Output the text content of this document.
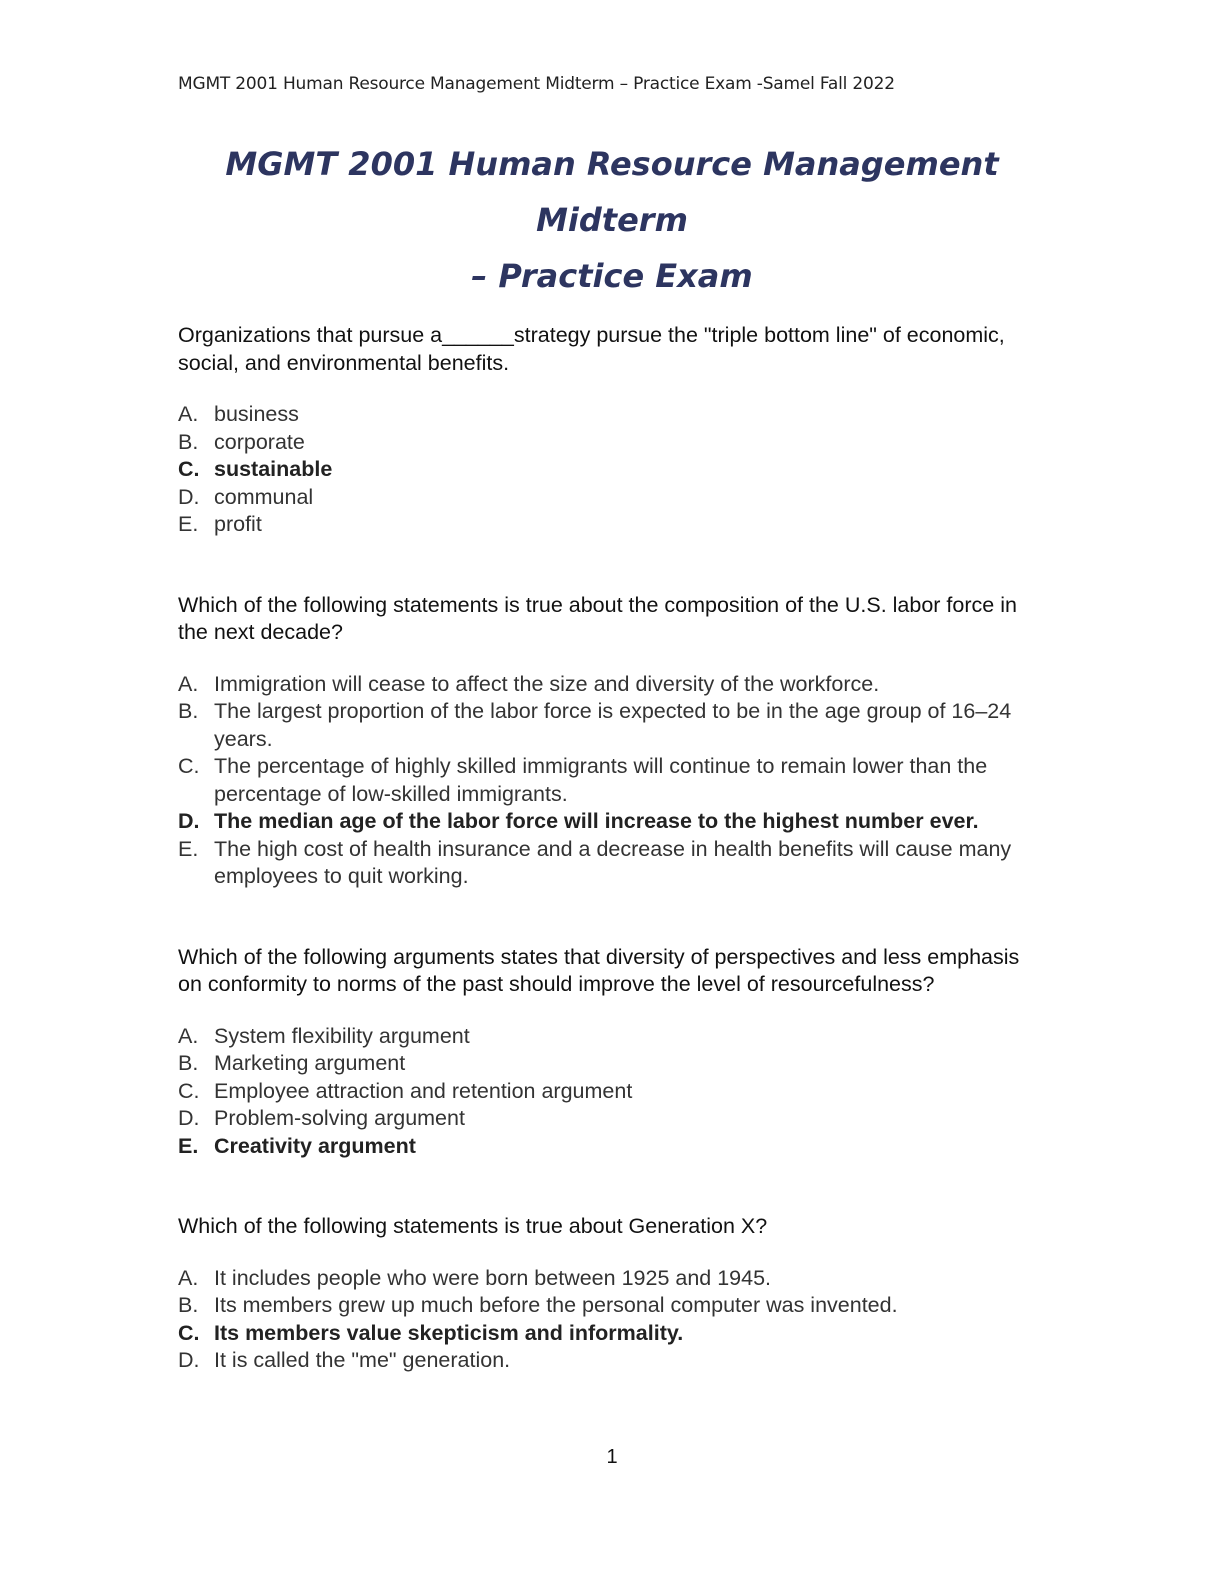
MGMT 2001 Human Resource Management Midterm – Practice Exam -Samel Fall 2022
MGMT 2001 Human Resource Management Midterm
– Practice Exam

Organizations that pursue a______strategy pursue the "triple bottom line" of economic, social, and environmental benefits.

A. business
B. corporate
C. sustainable
D. communal
E. profit

Which of the following statements is true about the composition of the U.S. labor force in the next decade?

A. Immigration will cease to affect the size and diversity of the workforce.
B. The largest proportion of the labor force is expected to be in the age group of 16–24 years.
C. The percentage of highly skilled immigrants will continue to remain lower than the percentage of low-skilled immigrants.
D. The median age of the labor force will increase to the highest number ever.
E. The high cost of health insurance and a decrease in health benefits will cause many employees to quit working.

Which of the following arguments states that diversity of perspectives and less emphasis on conformity to norms of the past should improve the level of resourcefulness?

A. System flexibility argument
B. Marketing argument
C. Employee attraction and retention argument
D. Problem-solving argument
E. Creativity argument

Which of the following statements is true about Generation X?

A. It includes people who were born between 1925 and 1945.
B. Its members grew up much before the personal computer was invented.
C. Its members value skepticism and informality.
D. It is called the "me" generation.
1
